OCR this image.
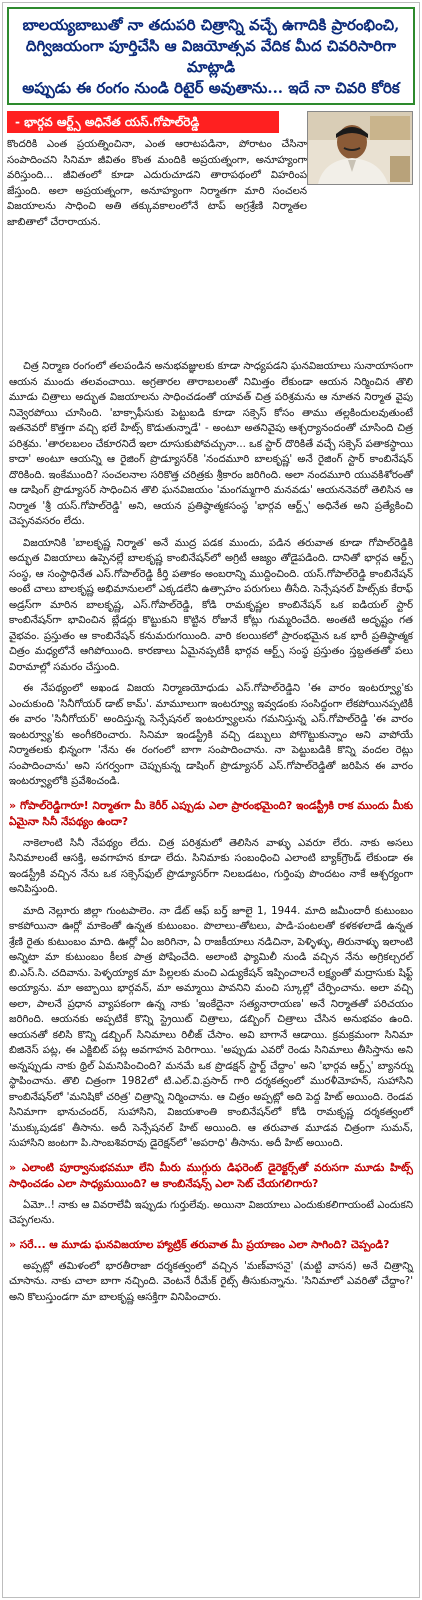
బాలయ్యబాబుతో నా తదుపరి చిత్రాన్ని వచ్చే ఉగాదికి ప్రారంభించి,
దిగ్విజయంగా పూర్తిచేసి ఆ విజయోత్సవ వేదిక మీద చివరిసారిగా మాట్లాడి
అప్పుడు ఈ రంగం నుండి రిటైర్ అవుతాను... ఇదే నా చివరి కోరిక
- భార్గవ ఆర్ట్స్ అధినేత యస్.గోపాల్‌రెడ్డి
కొందరికి ఎంత ప్రయత్నించినా, ఎంత ఆరాటపడినా, పోరాటం చేసినా సంపాదించని సినిమా జీవితం కొంత మందికి అప్రయత్నంగా, అనూహ్యంగా వరిస్తుంది... జీవితంలో కూడా ఎదురుచూడని తారాపథంలో విహరింప జేస్తుంది. అలా అప్రయత్నంగా, అనూహ్యంగా నిర్మాతగా మారి సంచలన విజయాలను సాధించి అతి తక్కువకాలంలోనే టాప్ అగ్రశ్రేణి నిర్మాతల జాబితాలో చేరారాయన.

చిత్ర నిర్మాణ రంగంలో తలపండిన అనుభవజ్ఞులకు కూడా సాధ్యపడని ఘనవిజయాలు సునాయాసంగా ఆయన ముందు తలవంచాయి. అగ్రతారల తారాబలంతో నిమిత్తం లేకుండా ఆయన నిర్మించిన తొలి మూడు చిత్రాలు అద్భుత విజయాలను సాధించడంతో యావత్ చిత్ర పరిశ్రమను ఆ నూతన నిర్మాత వైపు నివ్వెరపోయి చూసింది. 'బాక్సాఫీసుకు పెట్టుబడి కూడా సక్సెస్ కోసం తాము తల్లకిందులవుతుంటే ఇతనెవరో కొత్తగా వచ్చి భలే హిట్స్ కొడుతున్నాడే' - అంటూ అతనివైపు ఆశ్చర్యానందంతో చూసింది చిత్ర పరిశ్రమ. 'తారలబలం చేకూరనిదే ఇలా దూసుకుపోవచ్చునా... ఒక స్టార్ దొరికితే వచ్చే సక్సెస్ పతాకస్థాయి కాదా' అంటూ ఆయన్ని ఆ రైజింగ్ ప్రొడ్యూసర్‌కి 'నందమూరి బాలకృష్ణ' అనే రైజింగ్ స్టార్ కాంబినేషన్ దొరికింది. ఇంకేముంది? సంచలనాల సరికొత్త చరిత్రకు శ్రీకారం జరిగింది. అలా నందమూరి యువకిశోరంతో ఆ డాషింగ్ ప్రొడ్యూసర్ సాధించిన తొలి ఘనవిజయం 'మంగమ్మగారి మనవడు' ఆయననెవరో తెలిసిన ఆ నిర్మాత 'శ్రీ యస్.గోపాల్‌రెడ్డి' అని, ఆయన ప్రతిష్ఠాత్మకసంస్థ 'భార్గవ ఆర్ట్స్' అధినేత అని ప్రత్యేకించి చెప్పనవసరం లేదు.

విజయానికి 'బాలకృష్ణ నిర్మాత' అనే ముద్ర పడక ముందు, పడిన తరువాత కూడా గోపాల్‌రెడ్డికి అద్భుత విజయాలు ఉప్పెనల్లే బాలకృష్ణ కాంబినేషన్‌లో అగ్రిటీ ఆజ్యం తోడైపడింది. దానితో భార్గవ ఆర్ట్స్ సంస్థ, ఆ సంస్థాధినేత ఎస్.గోపాల్‌రెడ్డి కీర్తి పతాకం అంబరాన్ని ముద్దించింది. యస్.గోపాల్‌రెడ్డి కాంబినేషన్ అంటే చాలు బాలకృష్ణ అభిమానులలో ఎక్కడలేని ఉత్సాహం పరుగులు తీసేది. సెన్సేషనల్ హిట్స్‌కు కేరాఫ్ అడ్రస్‌గా మారిన బాలకృష్ణ, ఎస్.గోపాల్‌రెడ్డి, కోడి రామకృష్ణల కాంబినేషన్ ఒక ఐడియల్ స్టార్ కాంబినేషన్‌గా భావించిన బ్లేడర్లు కొట్టుకుని కొట్టిన రోజునే కోట్లు గుమ్మరించేది. అంతటి అదృష్టం గత వైభవం. ప్రస్తుతం ఆ కాంబినేషన్ కనుమరుగయింది. వారి కలయికలో ప్రారంభమైన ఒక భారీ ప్రతిష్ఠాత్మక చిత్రం మధ్యలోనే ఆగిపోయింది. కారణాలు ఏమైనప్పటికీ భార్గవ ఆర్ట్స్ సంస్థ ప్రస్తుతం స్తబ్దతతతో పలు విరామాల్లో సమరం చేస్తుంది.

ఈ నేపథ్యంలో అఖండ విజయ నిర్మాణయోధుడు ఎస్.గోపాల్‌రెడ్డిని 'ఈ వారం ఇంటర్వ్యూ'కు ఎంచుకుంది 'సినీగోయర్ డాట్ కామ్'. మామూలుగా ఇంటర్వ్యూ ఇవ్వడంకు సంసిద్ధంగా లేకపోయినప్పటికీ ఈ వారం 'సినీగోయర్' అందిస్తున్న సెన్సేషనల్ ఇంటర్వ్యూలను గమనిస్తున్న ఎస్.గోపాల్‌రెడ్డి 'ఈ వారం ఇంటర్వ్యూ'కు అంగీకరించారు. సినిమా ఇండస్ట్రీకి వచ్చి డబ్బులు పోగొట్టుకున్నాం అని వాపోయే నిర్మాతలకు భిన్నంగా 'నేను ఈ రంగంలో బాగా సంపాదించాను. నా పెట్టుబడికి కొన్ని వందల రెట్లు సంపాదించాను' అని సగర్వంగా చెప్పుకున్న డాషింగ్ ప్రొడ్యూసర్ ఎస్.గోపాల్‌రెడ్డితో జరిపిన ఈ వారం ఇంటర్వ్యూలోకి ప్రవేశించండి.

» గోపాల్‌రెడ్డిగారూ! నిర్మాతగా మీ కెరీర్ ఎప్పుడు ఎలా ప్రారంభమైంది? ఇండస్ట్రీకి రాక ముందు మీకు ఏమైనా సినీ నేపథ్యం ఉందా?

నాకెలాంటి సినీ నేపథ్యం లేదు. చిత్ర పరిశ్రమలో తెలిసిన వాళ్ళు ఎవరూ లేరు. నాకు అసలు సినిమాలంటే ఆసక్తి, అవగాహన కూడా లేదు. సినిమాకు సంబంధించి ఎలాంటి బ్యాక్‌గ్రౌండ్ లేకుండా ఈ ఇండస్ట్రీకి వచ్చిన నేను ఒక సక్సెస్‌ఫుల్ ప్రొడ్యూసర్‌గా నిలబడటం, గుర్తింపు పొందటం నాకే ఆశ్చర్యంగా అనిపిస్తుంది.

మాది నెల్లూరు జిల్లా గుంటపాలెం. నా డేట్ ఆఫ్ బర్త్ జూలై 1, 1944. మాది జమీందారీ కుటుంబం కాకపోయినా ఊర్లో మాకెంతో ఉన్నత కుటుంబం. పొలాలు-తోటలు, పాడి-పంటలతో కళకళలాడే ఉన్నత శ్రేణి రైతు కుటుంబం మాది. ఊర్లో ఏం జరిగినా, ఏ రాజకీయాలు నడిచినా, పెళ్ళిళ్ళు, తిరునాళ్ళు ఇలాంటి అన్నిటా మా కుటుంబం కీలక పాత్ర పోషించేది. అలాంటి ఫ్యామిలీ నుండి వచ్చిన నేను అగ్రికల్చరల్ బి.ఎస్.సి. చదివాను. పెళ్ళయ్యాక మా పిల్లలకు మంచి ఎడ్యుకేషన్ ఇప్పించాలనే లక్ష్యంతో మద్రాసుకు షిఫ్ట్ అయ్యాను. మా అబ్బాయి భార్గవన్, మా అమ్మాయి పావనిని మంచి స్కూల్లో చేర్పించాను. అలా వచ్చి అలా, పాలనే ప్రధాన వ్యాపకంగా ఉన్న నాకు 'ఇంకేదైనా సత్యనారాయణ' అనే నిర్మాతతో పరిచయం జరిగింది. ఆయనకు అప్పటికే కొన్ని స్ట్రెయిట్ చిత్రాలు, డబ్బింగ్ చిత్రాలు చేసిన అనుభవం ఉంది. ఆయనతో కలిసి కొన్ని డబ్బింగ్ సినిమాలు రిలీజ్ చేసాం. అవి బాగానే ఆడాయి. క్రమక్రమంగా సినిమా బిజినెస్ పట్ల, ఈ ఎక్జిబిట్ పట్ల అవగాహన పెరిగాయి. 'అప్పుడు ఎవరో రెండు సినిమాలు తీసిస్తాను అని అన్నప్పుడు నాకు థ్రిల్ ఏమనిపించింది? మనమే ఒక ప్రొడక్షన్ స్టార్ట్ చేద్దాం' అని 'భార్గవ ఆర్ట్స్' బ్యానర్ను స్థాపించాను. తొలి చిత్రంగా 1982లో టి.ఎల్.వి.ప్రసాద్ గారి దర్శకత్వంలో మురళీమోహన్, సుహాసిని కాంబినేషన్‌లో 'మనిషికో చరిత్ర' చిత్రాన్ని నిర్మించాను. ఆ చిత్రం అప్పట్లో అది పెద్ద హిట్ అయింది. రెండవ సినిమాగా భానుచందర్, సుహాసిని, విజయశాంతి కాంబినేషన్‌లో కోడి రామకృష్ణ దర్శకత్వంలో 'ముక్కుపుడక' తీసాను. అదీ సెన్సేషనల్ హిట్ అయింది. ఆ తరువాత మూడవ చిత్రంగా సుమన్, సుహాసిని జంటగా పి.సాంబశివరావు డైరెక్షన్‌లో 'అపరాధి' తీసాను. అదీ హిట్ అయింది.

» ఎలాంటి పూర్వానుభవమూ లేని మీరు ముగ్గురు డిఫరెంట్ డైరెక్టర్స్‌తో వరుసగా మూడు హిట్స్ సాధించడం ఎలా సాధ్యమయింది? ఆ కాంబినేషన్స్ ఎలా సెట్ చేయగలిగారు?

ఏమో..! నాకు ఆ వివరాలేవీ ఇప్పుడు గుర్తులేవు. అయినా విజయాలు ఎందుకుకలిగాయంటే ఎందుకని చెప్పగలను.

» సరే... ఆ మూడు ఘనవిజయాల హ్యాట్రిక్ తరువాత మీ ప్రయాణం ఎలా సాగింది? చెప్పండి?

అప్పట్లో తమిళంలో భారతీరాజా దర్శకత్వంలో వచ్చిన 'మణ్‌వాసనై' (మట్టి వాసన) అనే చిత్రాన్ని చూసాను. నాకు చాలా బాగా నచ్చింది. వెంటనే రీమేక్ రైట్స్ తీసుకున్నాను. 'సినిమాలో ఎవరితో చేద్దాం?' అని కొలుస్తుండగా మా బాలకృష్ణ ఆసక్తిగా వినిపించారు.
